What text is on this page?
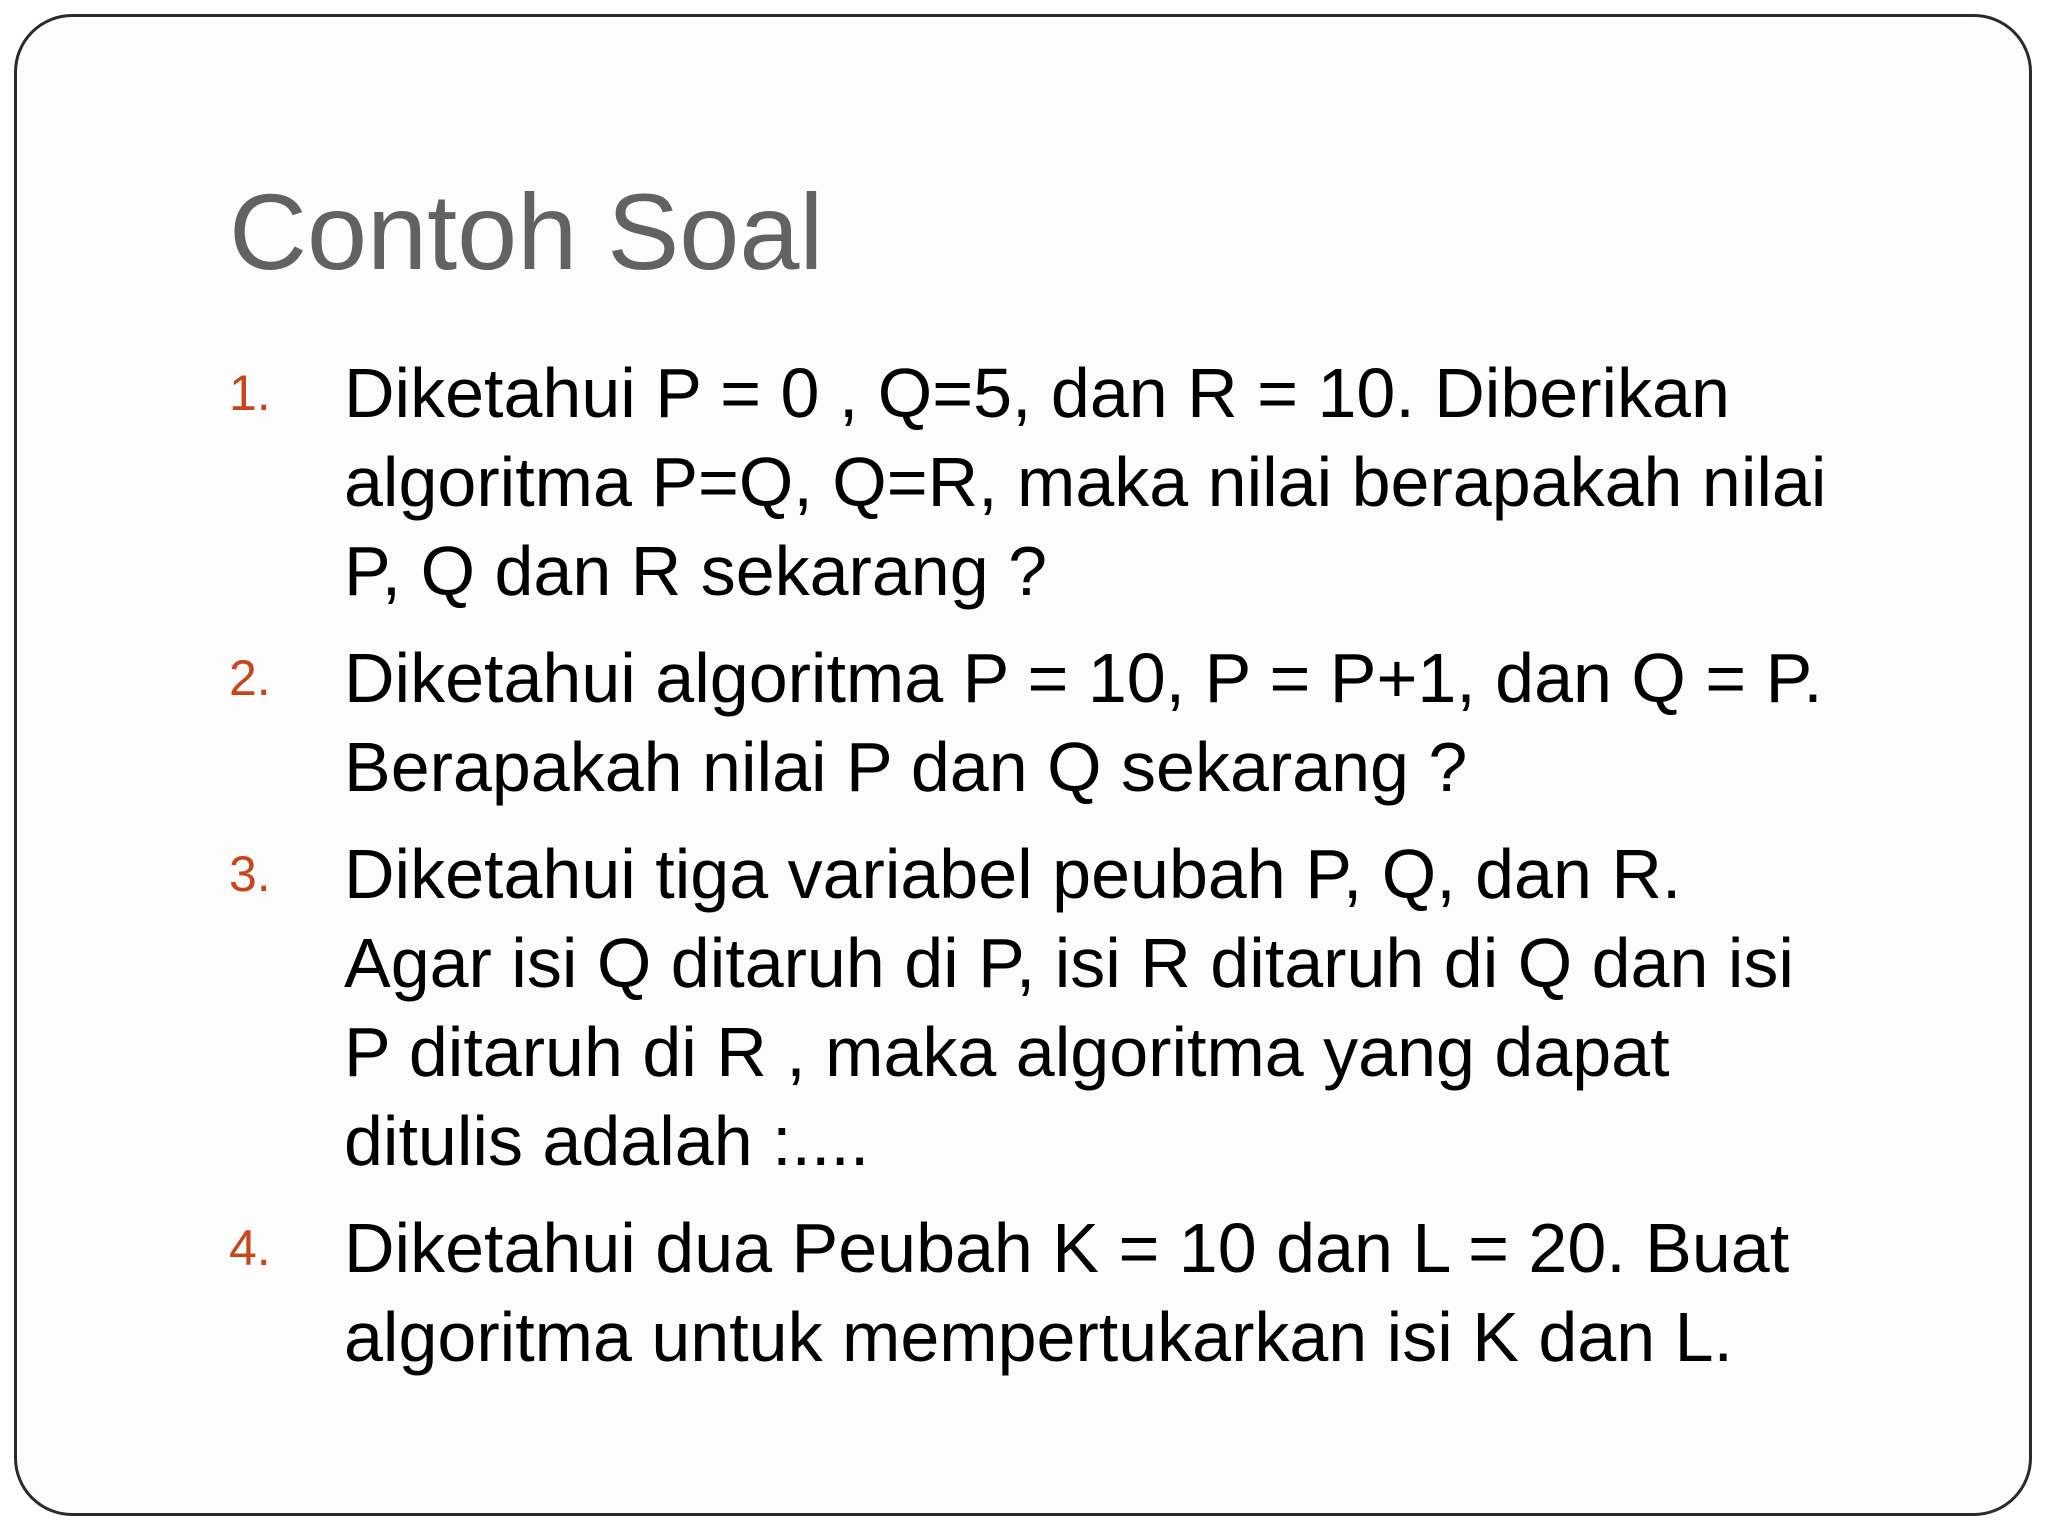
Contoh Soal
1.	Diketahui P = 0 , Q=5, dan R = 10. Diberikan
algoritma P=Q, Q=R, maka nilai berapakah nilai
P, Q dan R sekarang ?
2.	Diketahui algoritma P = 10, P = P+1, dan Q = P.
Berapakah nilai P dan Q sekarang ?
3.	Diketahui tiga variabel peubah P, Q, dan R.
Agar isi Q ditaruh di P, isi R ditaruh di Q dan isi
P ditaruh di R , maka algoritma yang dapat
ditulis adalah :....
4.	Diketahui dua Peubah K = 10 dan L = 20. Buat
algoritma untuk mempertukarkan isi K dan L.
